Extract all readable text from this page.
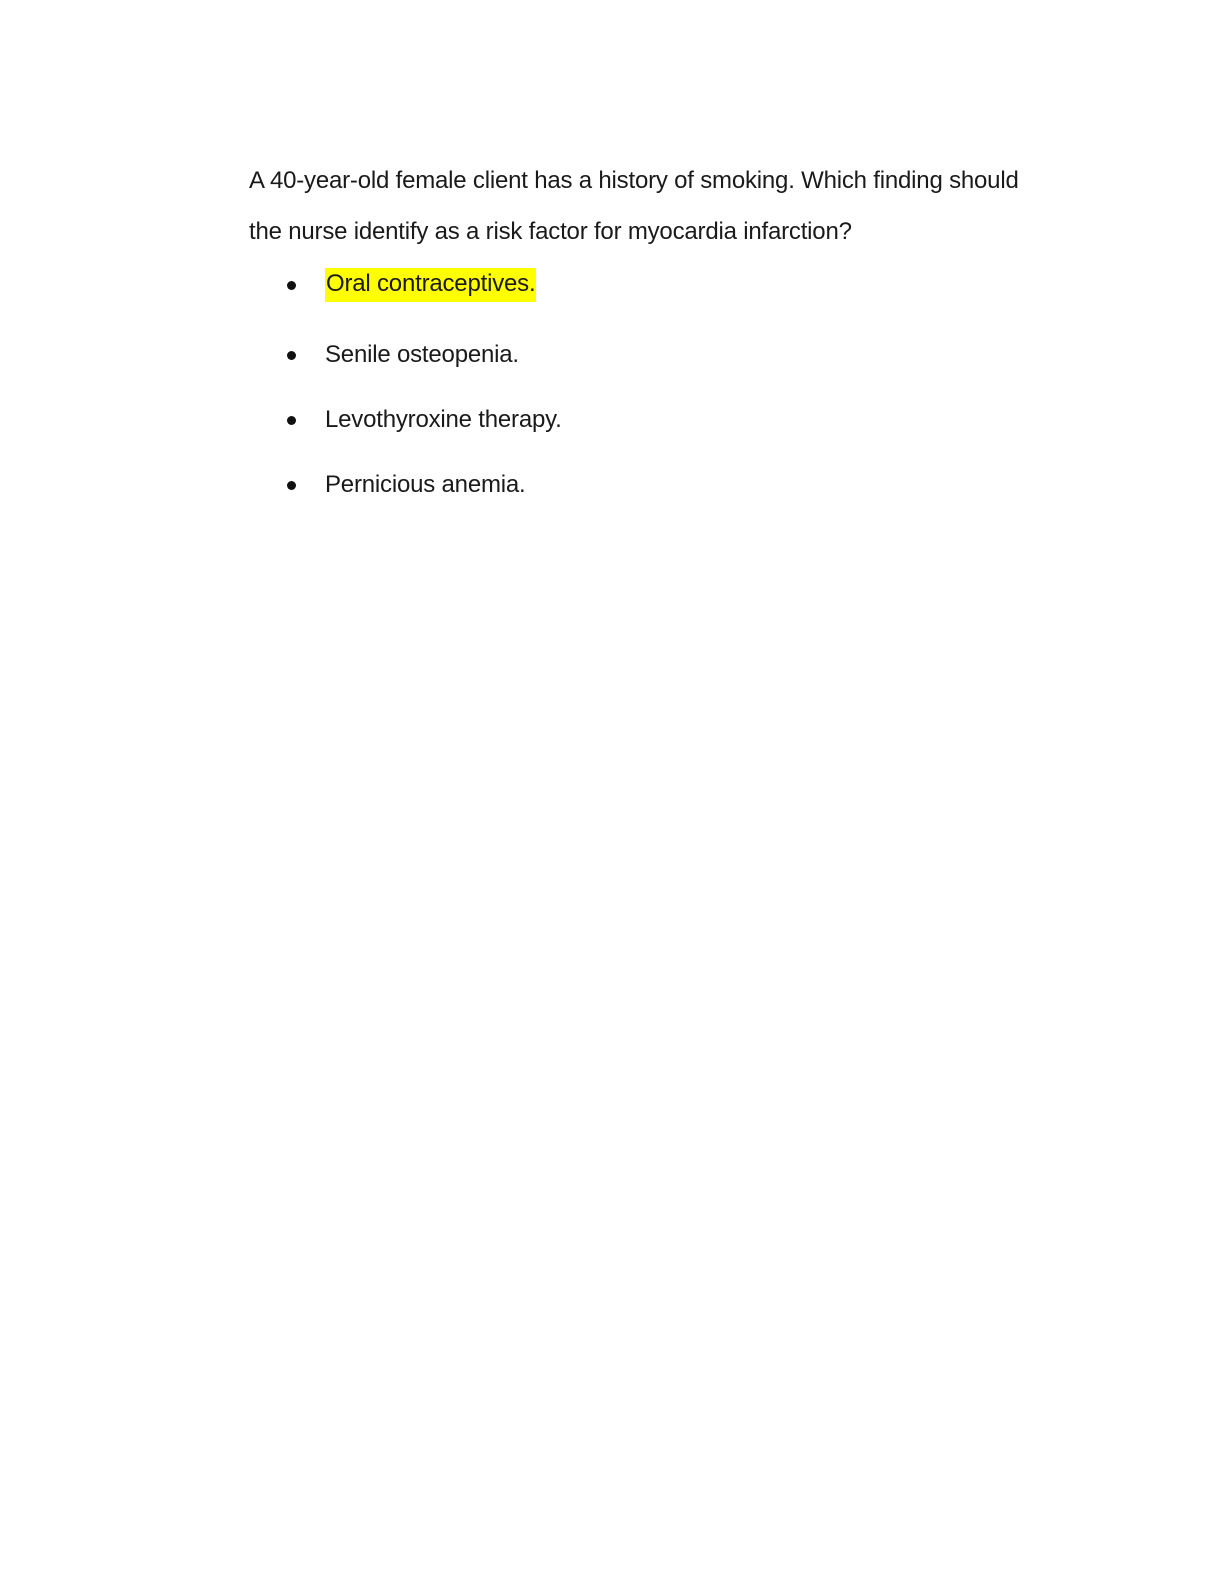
A 40-year-old female client has a history of smoking. Which finding should the nurse identify as a risk factor for myocardia infarction?

Oral contraceptives.
Senile osteopenia.
Levothyroxine therapy.
Pernicious anemia.
